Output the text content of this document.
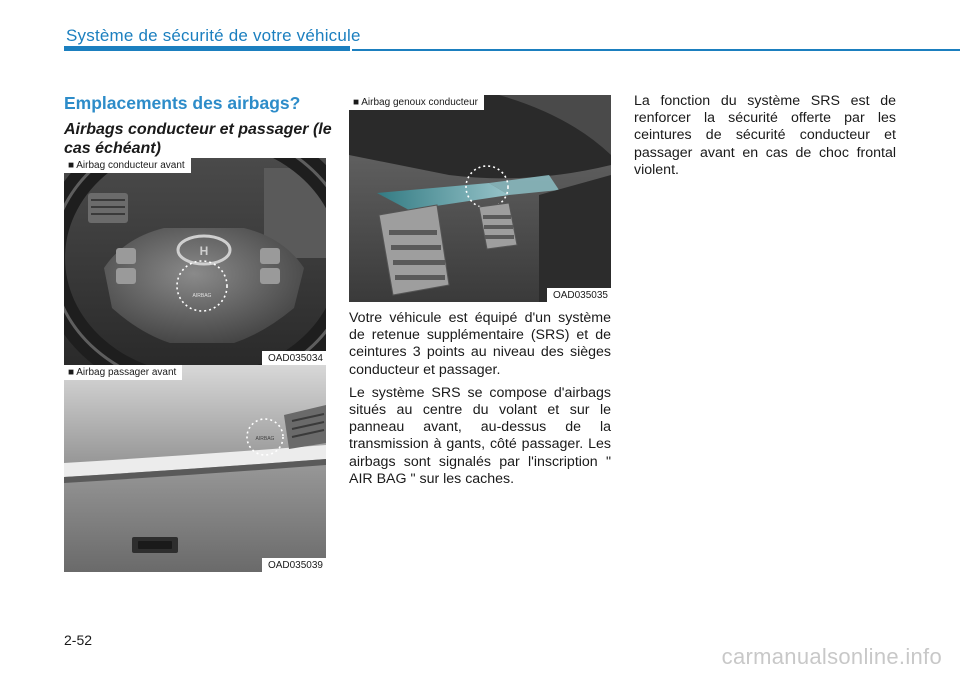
Système de sécurité de votre véhicule
Emplacements des airbags?
Airbags conducteur et passager (le cas échéant)
H
AIRBAG
■ Airbag conducteur avant
OAD035034
AIRBAG
■ Airbag passager avant
OAD035039
■ Airbag genoux conducteur
OAD035035

Votre véhicule est équipé d'un système de retenue supplémentaire (SRS) et de ceintures 3 points au niveau des sièges conducteur et passager.

Le système SRS se compose d'airbags situés au centre du volant et sur le panneau avant, au-dessus de la transmission à gants, côté passager. Les airbags sont signalés par l'inscription " AIR BAG " sur les caches.

La fonction du système SRS est de renforcer la sécurité offerte par les ceintures de sécurité conducteur et passager avant en cas de choc frontal violent.

2-52
carmanualsonline.info
